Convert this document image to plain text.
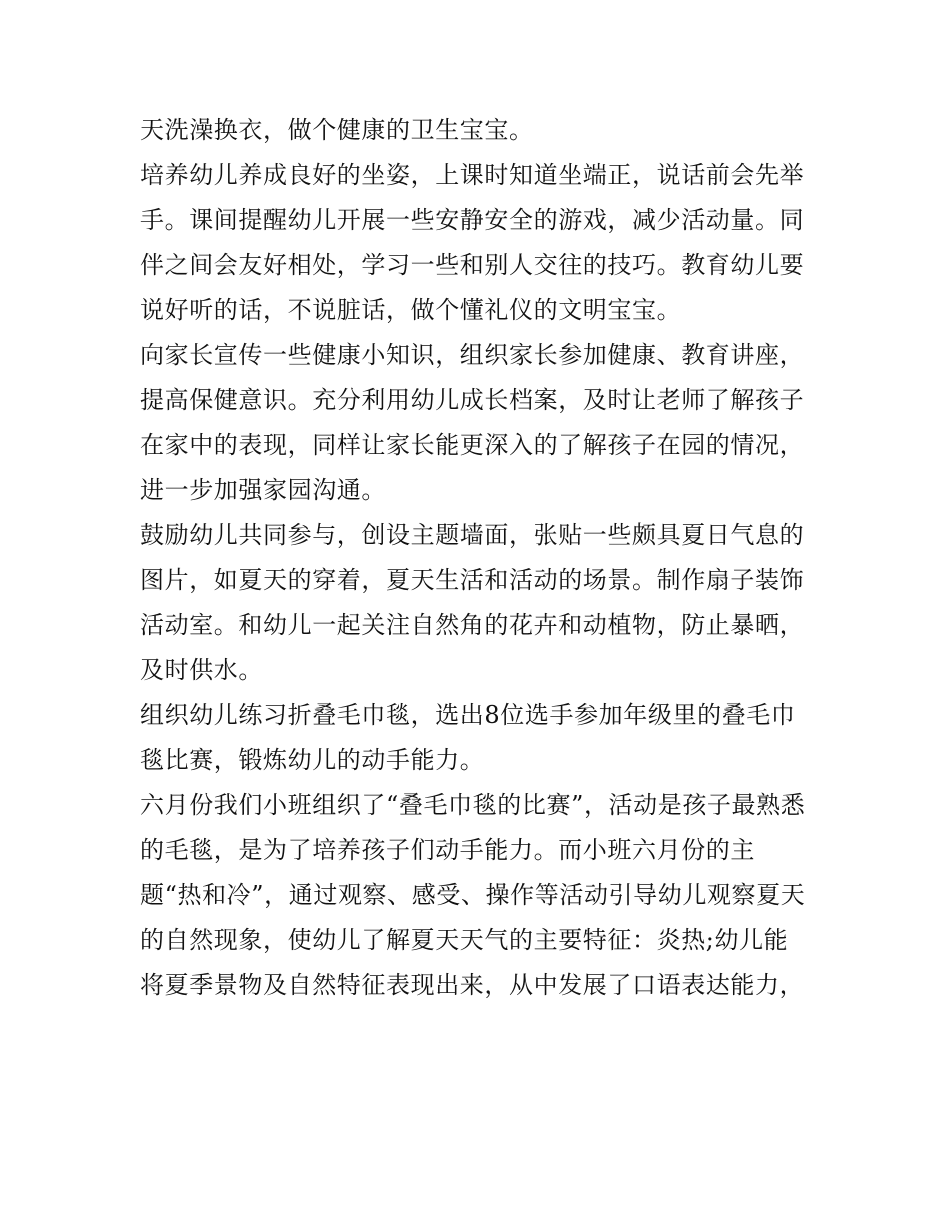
天洗澡换衣，做个健康的卫生宝宝。
培养幼儿养成良好的坐姿，上课时知道坐端正，说话前会先举
手。课间提醒幼儿开展一些安静安全的游戏，减少活动量。同
伴之间会友好相处，学习一些和别人交往的技巧。教育幼儿要
说好听的话，不说脏话，做个懂礼仪的文明宝宝。
向家长宣传一些健康小知识，组织家长参加健康、教育讲座，
提高保健意识。充分利用幼儿成长档案，及时让老师了解孩子
在家中的表现，同样让家长能更深入的了解孩子在园的情况，
进一步加强家园沟通。
鼓励幼儿共同参与，创设主题墙面，张贴一些颇具夏日气息的
图片，如夏天的穿着，夏天生活和活动的场景。制作扇子装饰
活动室。和幼儿一起关注自然角的花卉和动植物，防止暴晒，
及时供水。
组织幼儿练习折叠毛巾毯，选出8位选手参加年级里的叠毛巾
毯比赛，锻炼幼儿的动手能力。
六月份我们小班组织了“叠毛巾毯的比赛”，活动是孩子最熟悉
的毛毯，是为了培养孩子们动手能力。而小班六月份的主
题“热和冷”，通过观察、感受、操作等活动引导幼儿观察夏天
的自然现象，使幼儿了解夏天天气的主要特征：炎热;幼儿能
将夏季景物及自然特征表现出来，从中发展了口语表达能力，
